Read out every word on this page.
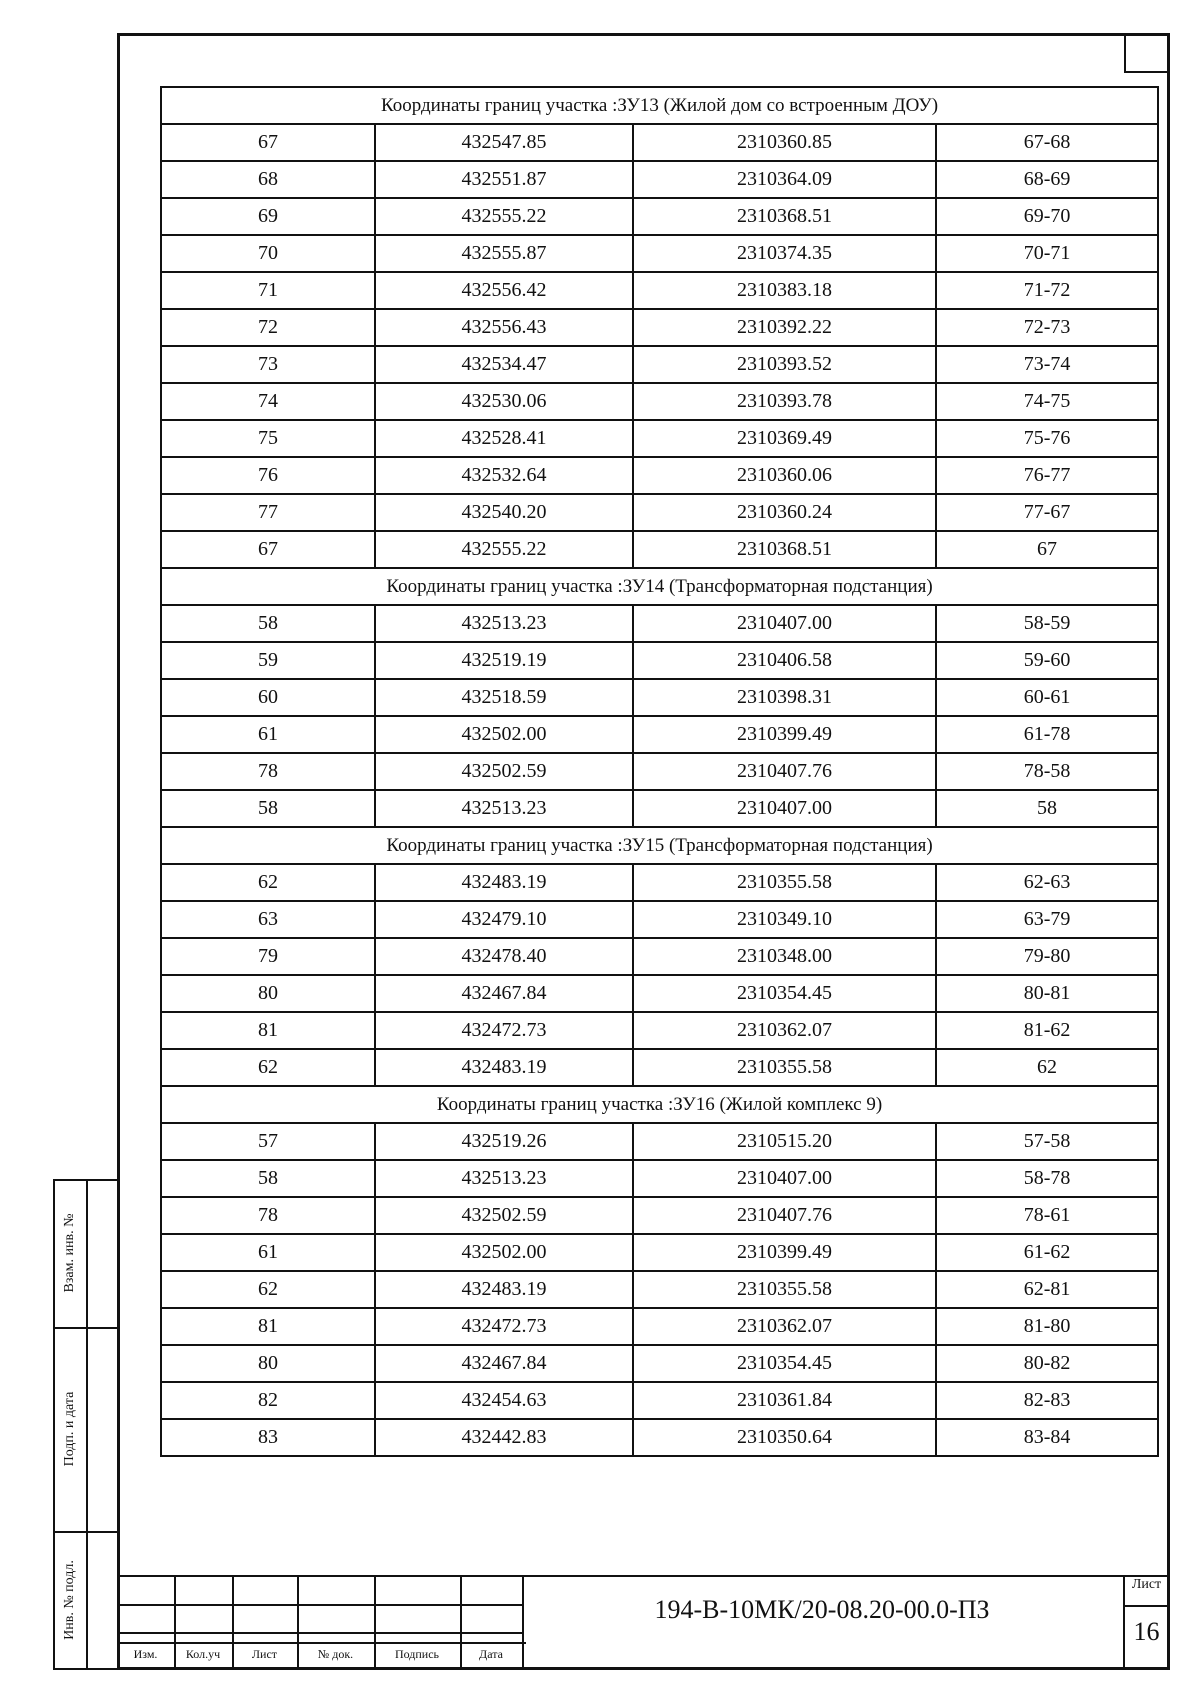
Взам. инв. №
Подп. и дата
Инв. № подл.
Координаты границ участка :ЗУ13 (Жилой дом со встроенным ДОУ)			
67	432547.85	2310360.85	67-68
68	432551.87	2310364.09	68-69
69	432555.22	2310368.51	69-70
70	432555.87	2310374.35	70-71
71	432556.42	2310383.18	71-72
72	432556.43	2310392.22	72-73
73	432534.47	2310393.52	73-74
74	432530.06	2310393.78	74-75
75	432528.41	2310369.49	75-76
76	432532.64	2310360.06	76-77
77	432540.20	2310360.24	77-67
67	432555.22	2310368.51	67
Координаты границ участка :ЗУ14 (Трансформаторная подстанция)			
58	432513.23	2310407.00	58-59
59	432519.19	2310406.58	59-60
60	432518.59	2310398.31	60-61
61	432502.00	2310399.49	61-78
78	432502.59	2310407.76	78-58
58	432513.23	2310407.00	58
Координаты границ участка :ЗУ15 (Трансформаторная подстанция)			
62	432483.19	2310355.58	62-63
63	432479.10	2310349.10	63-79
79	432478.40	2310348.00	79-80
80	432467.84	2310354.45	80-81
81	432472.73	2310362.07	81-62
62	432483.19	2310355.58	62
Координаты границ участка :ЗУ16 (Жилой комплекс 9)			
57	432519.26	2310515.20	57-58
58	432513.23	2310407.00	58-78
78	432502.59	2310407.76	78-61
61	432502.00	2310399.49	61-62
62	432483.19	2310355.58	62-81
81	432472.73	2310362.07	81-80
80	432467.84	2310354.45	80-82
82	432454.63	2310361.84	82-83
83	432442.83	2310350.64	83-84
Изм.	Кол.уч	Лист	№ док.	Подпись	Дата
194-В-10МК/20-08.20-00.0-ПЗ
Лист
16
